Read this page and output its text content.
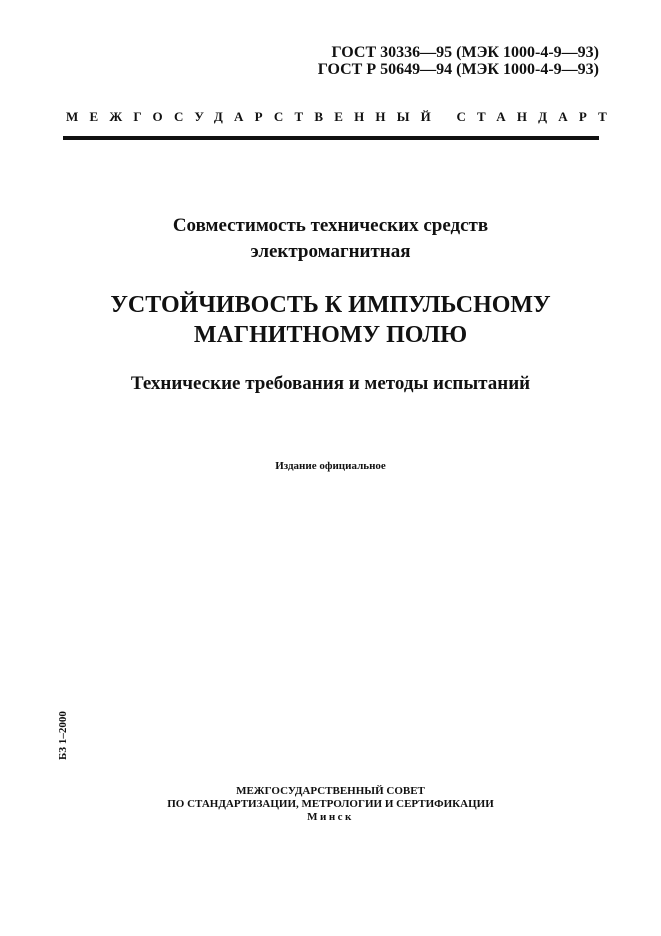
ГОСТ 30336—95 (МЭК 1000-4-9—93)
ГОСТ Р 50649—94 (МЭК 1000-4-9—93)
МЕЖГОСУДАРСТВЕННЫЙ СТАНДАРТ
Совместимость технических средств
электромагнитная
УСТОЙЧИВОСТЬ К ИМПУЛЬСНОМУ
МАГНИТНОМУ ПОЛЮ
Технические требования и методы испытаний
Издание официальное
БЗ 1–2000
МЕЖГОСУДАРСТВЕННЫЙ СОВЕТ
ПО СТАНДАРТИЗАЦИИ, МЕТРОЛОГИИ И СЕРТИФИКАЦИИ
Минск
